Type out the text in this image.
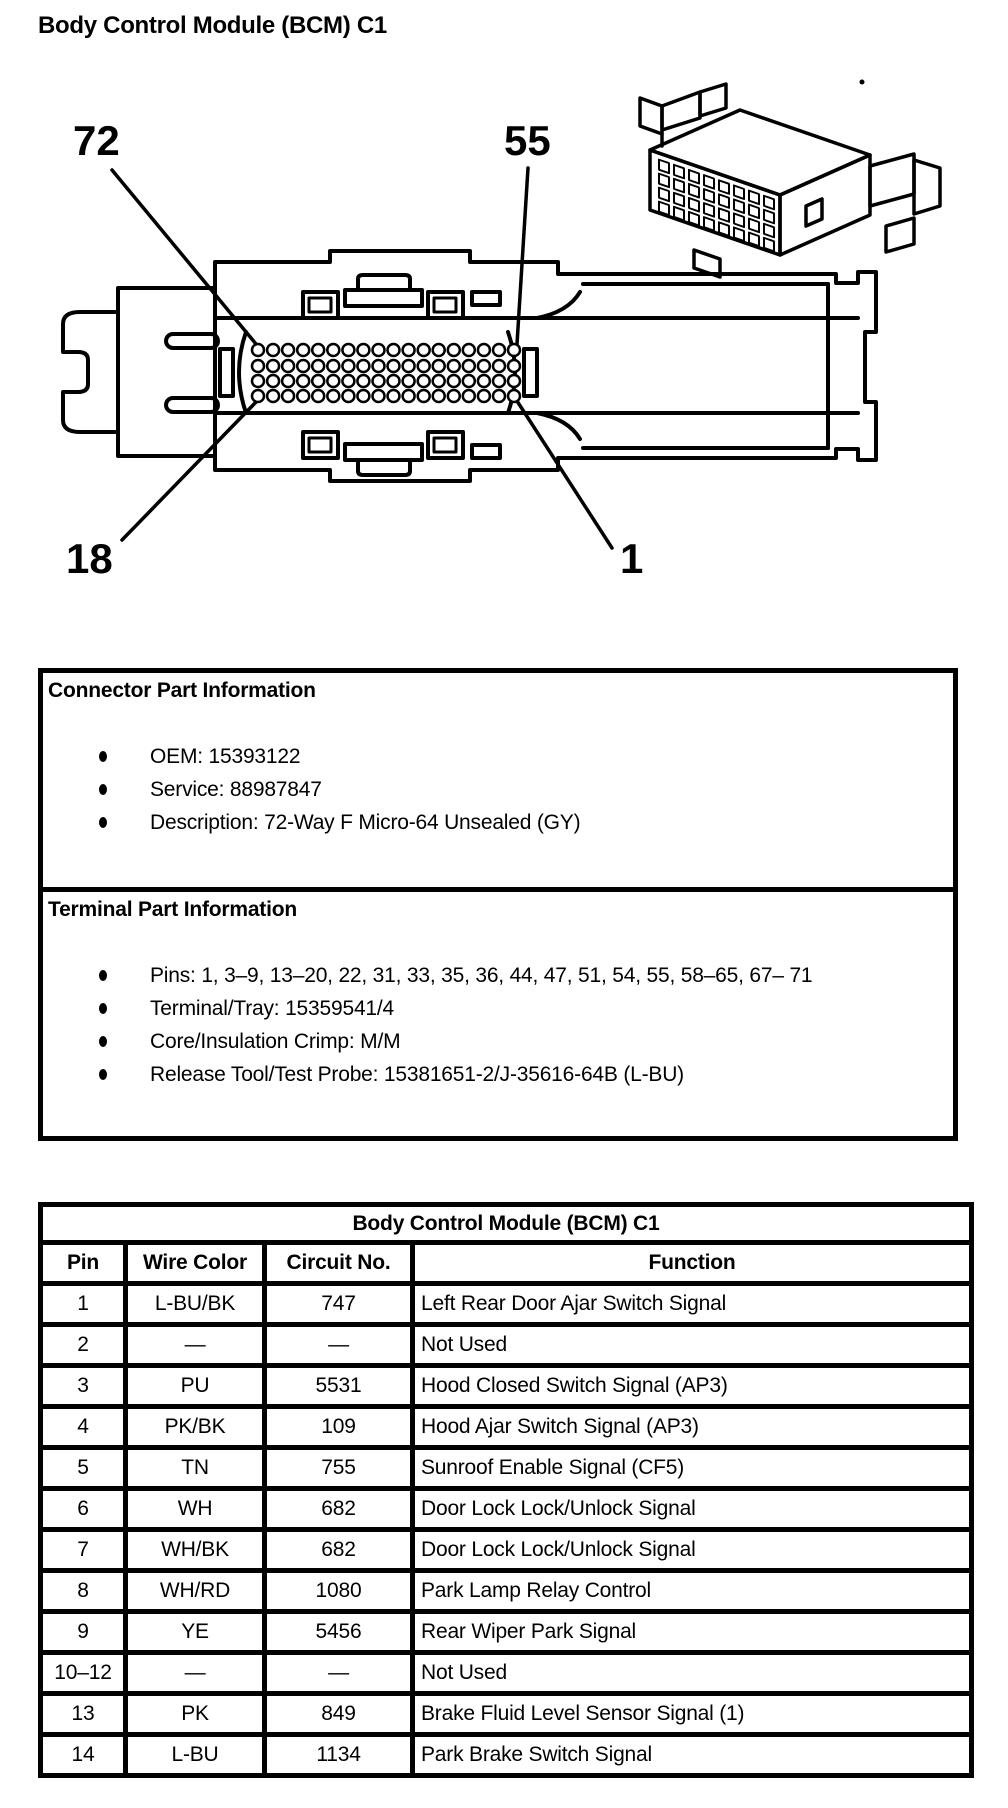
Body Control Module (BCM) C1
72	55
18	1
Connector Part Information
OEM: 15393122
Service: 88987847
Description: 72-Way F Micro-64 Unsealed (GY)
Terminal Part Information
Pins: 1, 3–9, 13–20, 22, 31, 33, 35, 36, 44, 47, 51, 54, 55, 58–65, 67– 71
Terminal/Tray: 15359541/4
Core/Insulation Crimp: M/M
Release Tool/Test Probe: 15381651-2/J-35616-64B (L-BU)
Body Control Module (BCM) C1			
Pin	Wire Color	Circuit No.	Function
1	L-BU/BK	747	Left Rear Door Ajar Switch Signal
2	—	—	Not Used
3	PU	5531	Hood Closed Switch Signal (AP3)
4	PK/BK	109	Hood Ajar Switch Signal (AP3)
5	TN	755	Sunroof Enable Signal (CF5)
6	WH	682	Door Lock Lock/Unlock Signal
7	WH/BK	682	Door Lock Lock/Unlock Signal
8	WH/RD	1080	Park Lamp Relay Control
9	YE	5456	Rear Wiper Park Signal
10–12	—	—	Not Used
13	PK	849	Brake Fluid Level Sensor Signal (1)
14	L-BU	1134	Park Brake Switch Signal
